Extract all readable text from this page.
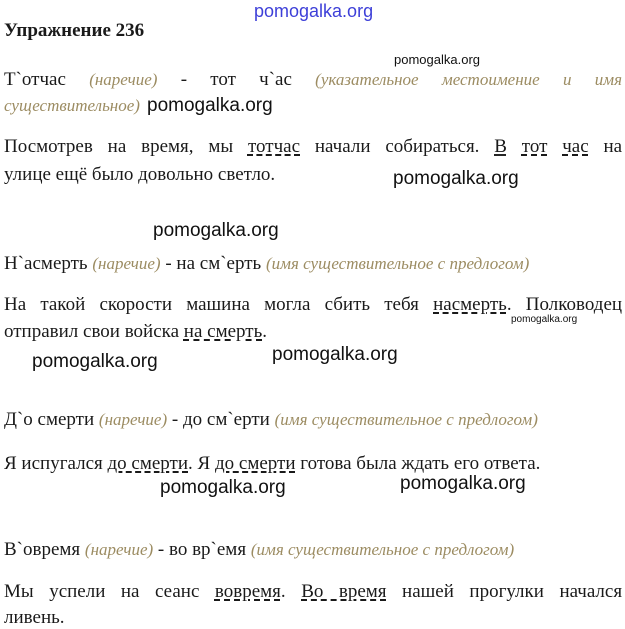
pomogalka.org
pomogalka.org
pomogalka.org
pomogalka.org
pomogalka.org
pomogalka.org
pomogalka.org
pomogalka.org
pomogalka.org
pomogalka.org
Упражнение 236
Т`отчас (наречие) - тот ч`ас (указательное местоимение и имя
существительное)
Посмотрев на время, мы тотчас начали собираться. В тот час на
улице ещё было довольно светло.
Н`асмерть (наречие) - на см`ерть (имя существительное с предлогом)
На такой скорости машина могла сбить тебя насмерть. Полководец
отправил свои войска на смерть.
Д`о смерти (наречие) - до см`ерти (имя существительное с предлогом)
Я испугался до смерти. Я до смерти готова была ждать его ответа.
В`овремя (наречие) - во вр`емя (имя существительное с предлогом)
Мы успели на сеанс вовремя. Во время нашей прогулки начался
ливень.
